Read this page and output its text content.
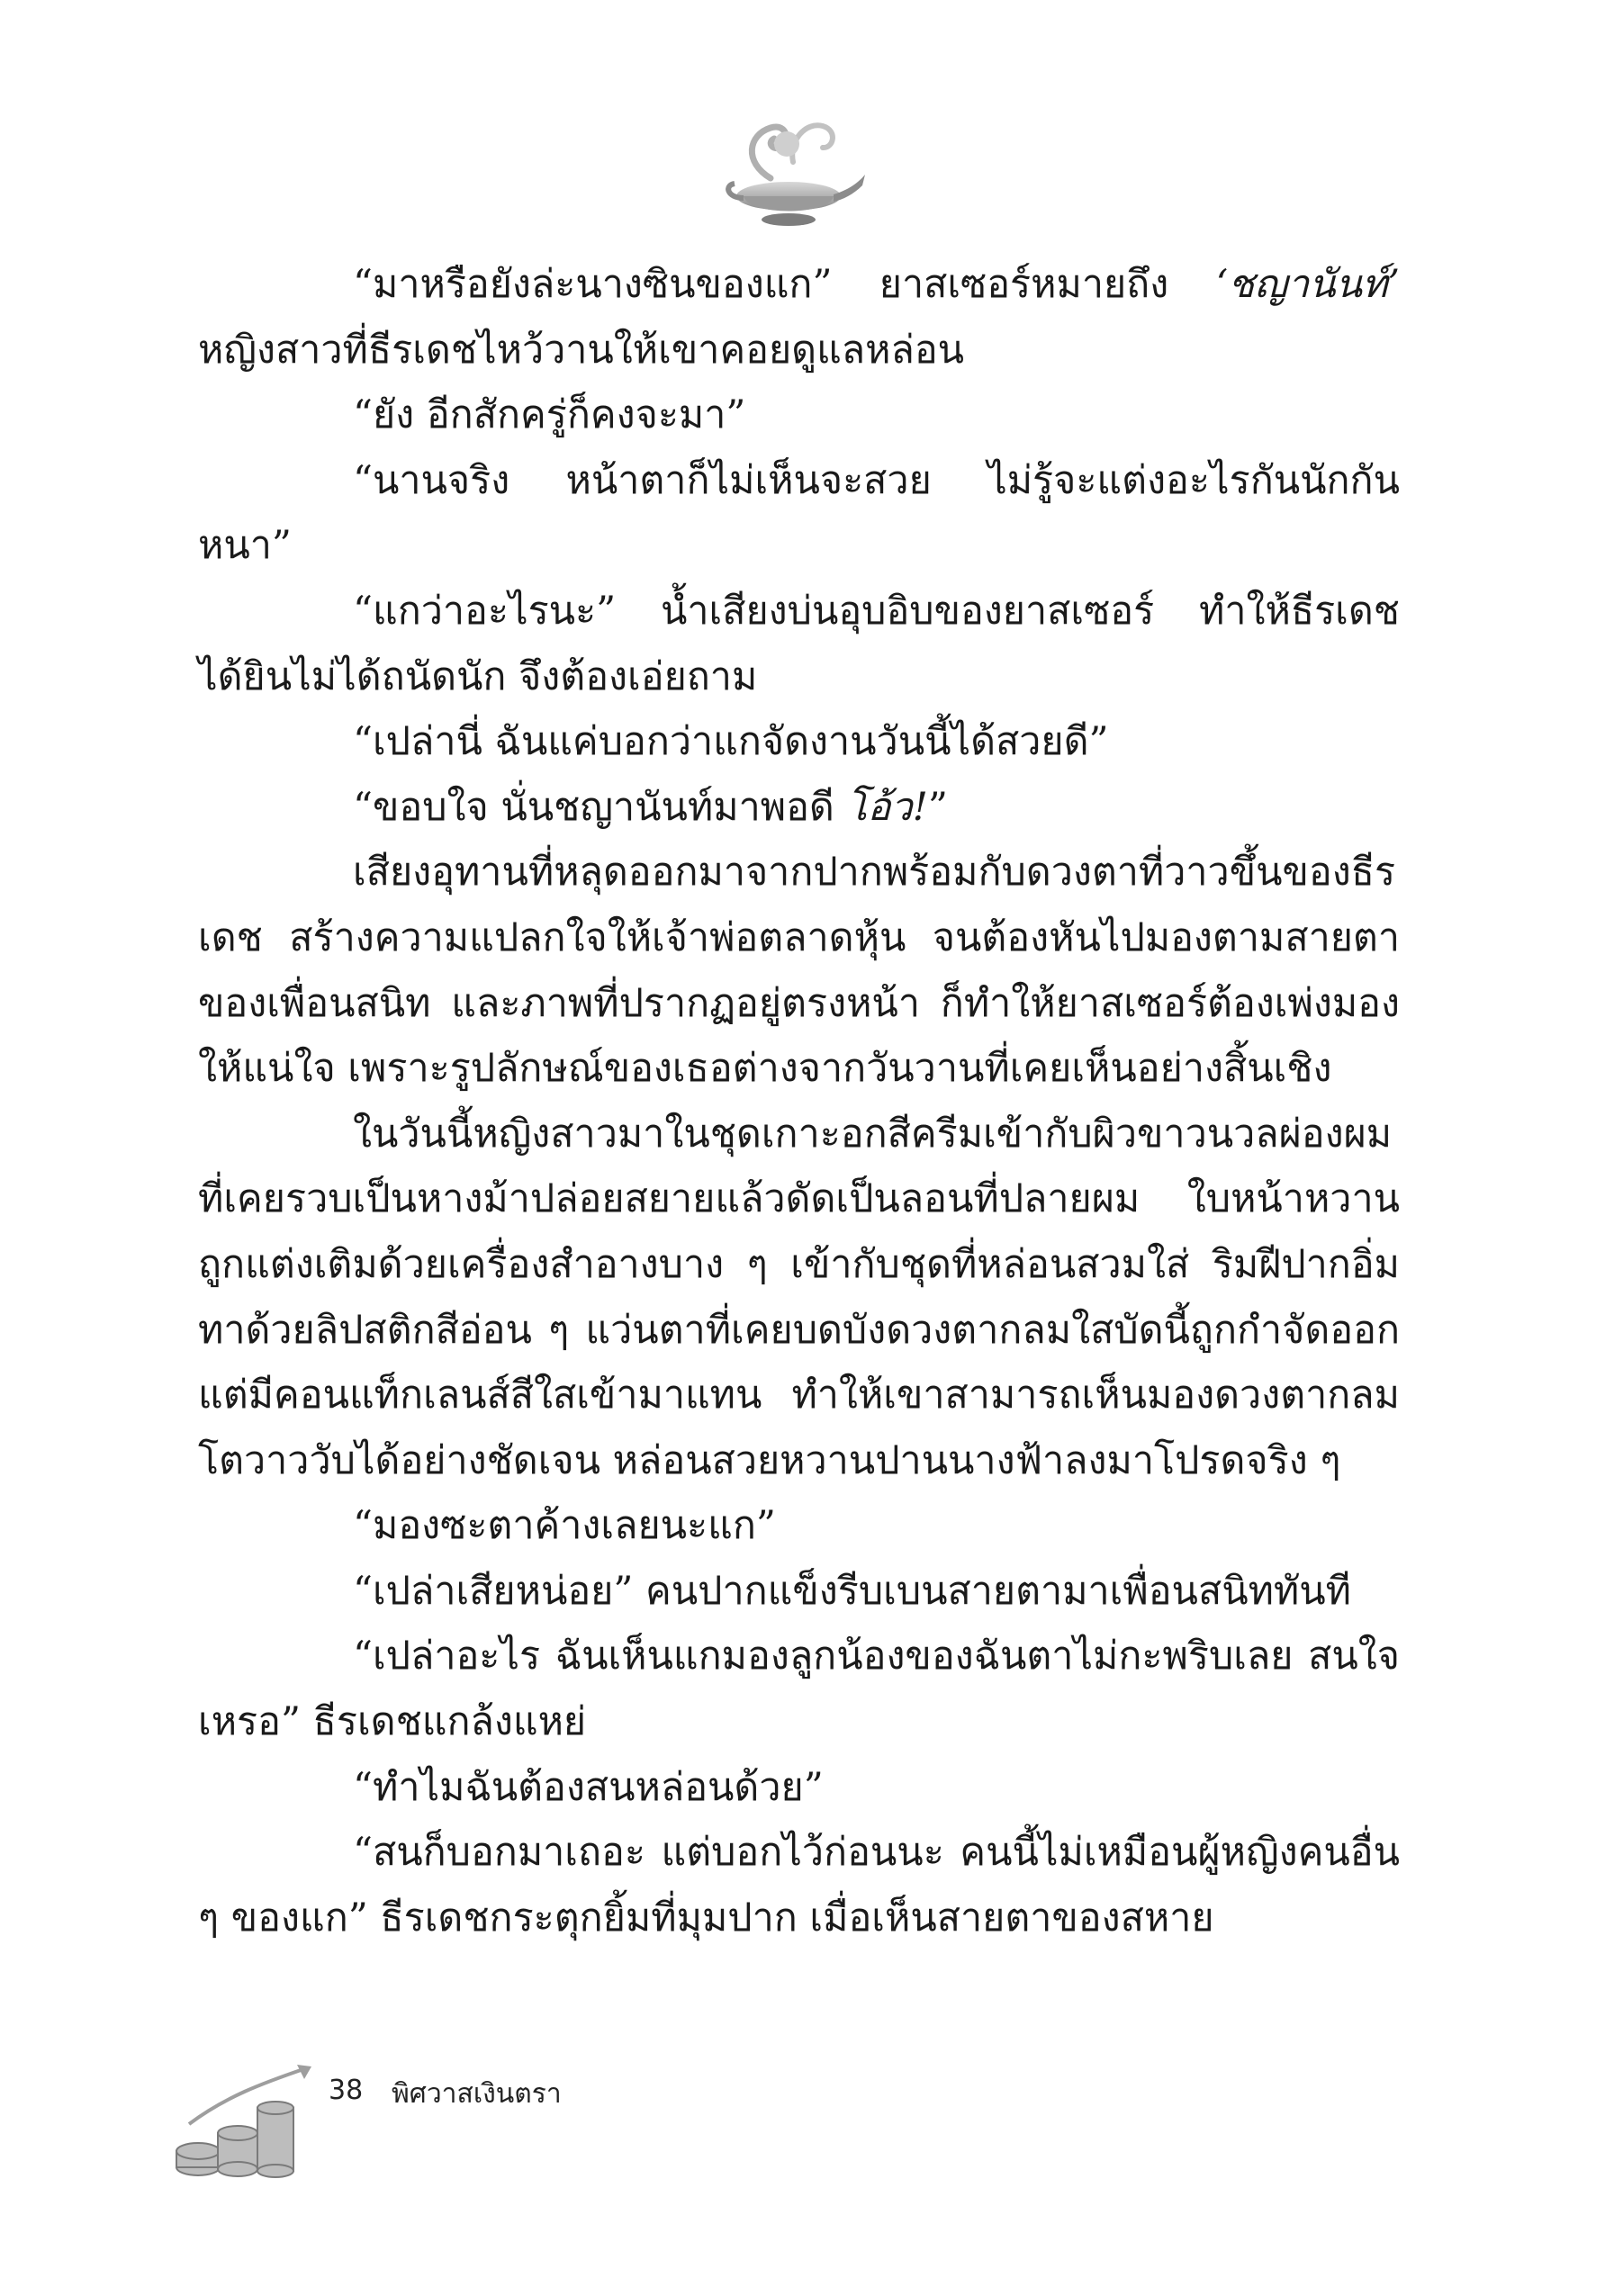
“มาหรือยังล่ะนางซินของแก” ยาสเซอร์หมายถึง ‘ชญานันท์’ หญิงสาวที่ธีรเดชไหว้วานให้เขาคอยดูแลหล่อน

“ยัง อีกสักครู่ก็คงจะมา”

“นานจริง หน้าตาก็ไม่เห็นจะสวย ไม่รู้จะแต่งอะไรกันนักกันหนา”

“แกว่าอะไรนะ” น้ำเสียงบ่นอุบอิบของยาสเซอร์ ทำให้ธีรเดชได้ยินไม่ได้ถนัดนัก จึงต้องเอ่ยถาม

“เปล่านี่ ฉันแค่บอกว่าแกจัดงานวันนี้ได้สวยดี”

“ขอบใจ นั่นชญานันท์มาพอดี โอ้ว!”

เสียงอุทานที่หลุดออกมาจากปากพร้อมกับดวงตาที่วาวขึ้นของธีรเดช สร้างความแปลกใจให้เจ้าพ่อตลาดหุ้น จนต้องหันไปมองตามสายตาของเพื่อนสนิท และภาพที่ปรากฏอยู่ตรงหน้า ก็ทำให้ยาสเซอร์ต้องเพ่งมองให้แน่ใจ เพราะรูปลักษณ์ของเธอต่างจากวันวานที่เคยเห็นอย่างสิ้นเชิง

ในวันนี้หญิงสาวมาในชุดเกาะอกสีครีมเข้ากับผิวขาวนวลผ่องผมที่เคยรวบเป็นหางม้าปล่อยสยายแล้วดัดเป็นลอนที่ปลายผม ใบหน้าหวานถูกแต่งเติมด้วยเครื่องสำอางบาง ๆ เข้ากับชุดที่หล่อนสวมใส่ ริมฝีปากอิ่มทาด้วยลิปสติกสีอ่อน ๆ แว่นตาที่เคยบดบังดวงตากลมใสบัดนี้ถูกกำจัดออกแต่มีคอนแท็กเลนส์สีใสเข้ามาแทน ทำให้เขาสามารถเห็นมองดวงตากลมโตวาววับได้อย่างชัดเจน หล่อนสวยหวานปานนางฟ้าลงมาโปรดจริง ๆ

“มองซะตาค้างเลยนะแก”

“เปล่าเสียหน่อย” คนปากแข็งรีบเบนสายตามาเพื่อนสนิททันที

“เปล่าอะไร ฉันเห็นแกมองลูกน้องของฉันตาไม่กะพริบเลย สนใจเหรอ” ธีรเดชแกล้งแหย่

“ทำไมฉันต้องสนหล่อนด้วย”

“สนก็บอกมาเถอะ แต่บอกไว้ก่อนนะ คนนี้ไม่เหมือนผู้หญิงคนอื่น ๆ ของแก” ธีรเดชกระตุกยิ้มที่มุมปาก เมื่อเห็นสายตาของสหาย

38 พิศวาสเงินตรา
